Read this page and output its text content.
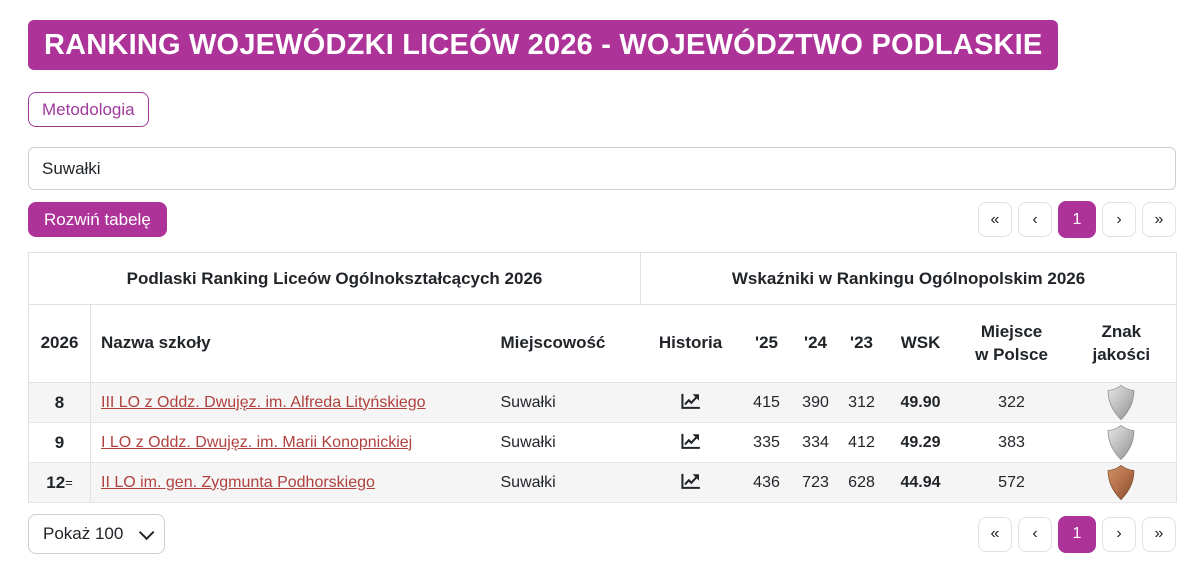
RANKING WOJEWÓDZKI LICEÓW 2026 - WOJEWÓDZTWO PODLASKIE
Metodologia
Suwałki
Rozwiń tabelę	«	‹	1	›	»
Podlaski Ranking Liceów Ogólnokształcących 2026			Wskaźniki w Rankingu Ogólnopolskim 2026						
2026	Nazwa szkoły	Miejscowość	Historia	'25	'24	'23	WSK	Miejsce w Polsce	Znak jakości
8	III LO z Oddz. Dwujęz. im. Alfreda Lityńskiego	Suwałki		415	390	312	49.90	322	

9	I LO z Oddz. Dwujęz. im. Marii Konopnickiej	Suwałki		335	334	412	49.29	383	

12=	II LO im. gen. Zygmunta Podhorskiego	Suwałki		436	723	628	44.94	572	
Pokaż 100	«	‹	1	›	»
